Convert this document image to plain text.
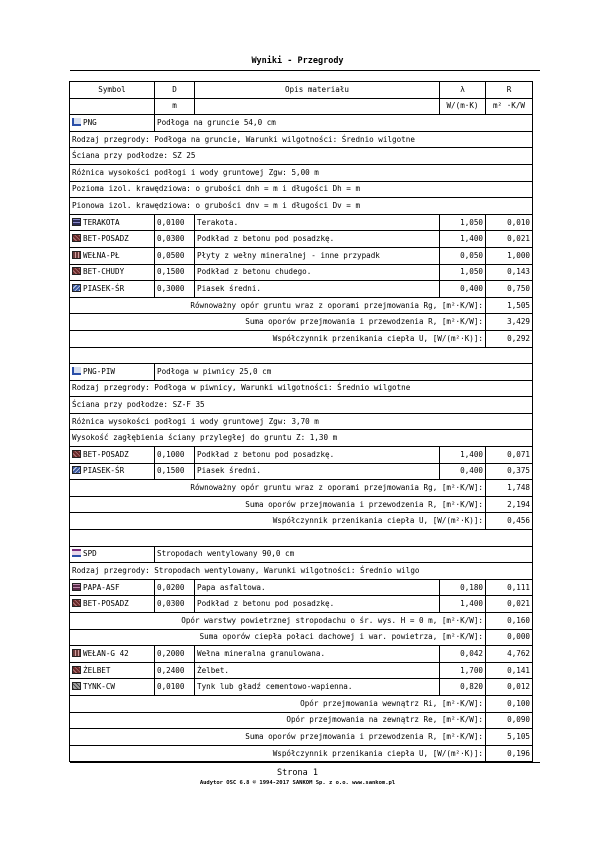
Wyniki - Przegrody
Symbol	D	Opis materiału	λ	R
	m		W/(m·K)	m² ·K/W
PNG	Podłoga na gruncie 54,0 cm			
Rodzaj przegrody: Podłoga na gruncie, Warunki wilgotności: Średnio wilgotne				
Ściana przy podłodze: SZ 25				
Różnica wysokości podłogi i wody gruntowej Zgw: 5,00 m				
Pozioma izol. krawędziowa: o grubości dnh = m i długości Dh = m				
Pionowa izol. krawędziowa: o grubości dnv = m i długości Dv = m				
TERAKOTA	0,0100	Terakota.	1,050	0,010
BET-POSADZ	0,0300	Podkład z betonu pod posadzkę.	1,400	0,021
WEŁNA-PŁ	0,0500	Płyty z wełny mineralnej - inne przypadk	0,050	1,000
BET-CHUDY	0,1500	Podkład z betonu chudego.	1,050	0,143
PIASEK-ŚR	0,3000	Piasek średni.	0,400	0,750
Równoważny opór gruntu wraz z oporami przejmowania Rg, [m²·K/W]:				1,505
Suma oporów przejmowania i przewodzenia R, [m²·K/W]:				3,429
Współczynnik przenikania ciepła U, [W/(m²·K)]:				0,292

PNG-PIW	Podłoga w piwnicy 25,0 cm			
Rodzaj przegrody: Podłoga w piwnicy, Warunki wilgotności: Średnio wilgotne				
Ściana przy podłodze: SZ-F 35				
Różnica wysokości podłogi i wody gruntowej Zgw: 3,70 m				
Wysokość zagłębienia ściany przyległej do gruntu Z: 1,30 m				
BET-POSADZ	0,1000	Podkład z betonu pod posadzkę.	1,400	0,071
PIASEK-ŚR	0,1500	Piasek średni.	0,400	0,375
Równoważny opór gruntu wraz z oporami przejmowania Rg, [m²·K/W]:				1,748
Suma oporów przejmowania i przewodzenia R, [m²·K/W]:				2,194
Współczynnik przenikania ciepła U, [W/(m²·K)]:				0,456

SPD	Stropodach wentylowany 90,0 cm			
Rodzaj przegrody: Stropodach wentylowany, Warunki wilgotności: Średnio wilgo				
PAPA-ASF	0,0200	Papa asfaltowa.	0,180	0,111
BET-POSADZ	0,0300	Podkład z betonu pod posadzkę.	1,400	0,021
Opór warstwy powietrznej stropodachu o śr. wys. H = 0 m, [m²·K/W]:				0,160
Suma oporów ciepła połaci dachowej i war. powietrza, [m²·K/W]:				0,000
WEŁAN-G 42	0,2000	Wełna mineralna granulowana.	0,042	4,762
ŻELBET	0,2400	Żelbet.	1,700	0,141
TYNK-CW	0,0100	Tynk lub gładź cementowo-wapienna.	0,820	0,012
Opór przejmowania wewnątrz Ri, [m²·K/W]:				0,100
Opór przejmowania na zewnątrz Re, [m²·K/W]:				0,090
Suma oporów przejmowania i przewodzenia R, [m²·K/W]:				5,105
Współczynnik przenikania ciepła U, [W/(m²·K)]:				0,196
Strona 1
Audytor OSC 6.8 © 1994-2017 SANKOM Sp. z o.o. www.sankom.pl
